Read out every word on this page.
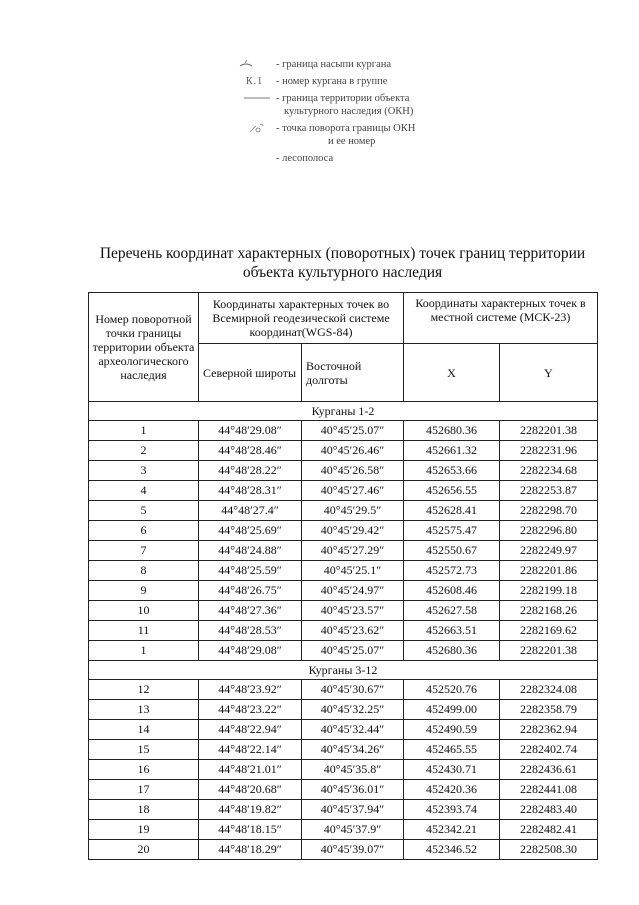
- граница насыпи кургана
К.1 - номер кургана в группе
- граница территории объекта
культурного наследия (ОКН)
- точка поворота границы ОКН
и ее номер
- лесополоса
Перечень координат характерных (поворотных) точек границ территории
объекта культурного наследия
Номер поворотной точки границы территории объекта археологического наследия	Координаты характерных точек во Всемирной геодезической системе координат(WGS-84)		Координаты характерных точек в местной системе (МСК-23)	
	Северной широты	Восточной долготы	X	Y
Курганы 1-2				
1	44°48′29.08″	40°45′25.07″	452680.36	2282201.38
2	44°48′28.46″	40°45′26.46″	452661.32	2282231.96
3	44°48′28.22″	40°45′26.58″	452653.66	2282234.68
4	44°48′28.31″	40°45′27.46″	452656.55	2282253.87
5	44°48′27.4″	40°45′29.5″	452628.41	2282298.70
6	44°48′25.69″	40°45′29.42″	452575.47	2282296.80
7	44°48′24.88″	40°45′27.29″	452550.67	2282249.97
8	44°48′25.59″	40°45′25.1″	452572.73	2282201.86
9	44°48′26.75″	40°45′24.97″	452608.46	2282199.18
10	44°48′27.36″	40°45′23.57″	452627.58	2282168.26
11	44°48′28.53″	40°45′23.62″	452663.51	2282169.62
1	44°48′29.08″	40°45′25.07″	452680.36	2282201.38
Курганы 3-12				
12	44°48′23.92″	40°45′30.67″	452520.76	2282324.08
13	44°48′23.22″	40°45′32.25″	452499.00	2282358.79
14	44°48′22.94″	40°45′32.44″	452490.59	2282362.94
15	44°48′22.14″	40°45′34.26″	452465.55	2282402.74
16	44°48′21.01″	40°45′35.8″	452430.71	2282436.61
17	44°48′20.68″	40°45′36.01″	452420.36	2282441.08
18	44°48′19.82″	40°45′37.94″	452393.74	2282483.40
19	44°48′18.15″	40°45′37.9″	452342.21	2282482.41
20	44°48′18.29″	40°45′39.07″	452346.52	2282508.30
